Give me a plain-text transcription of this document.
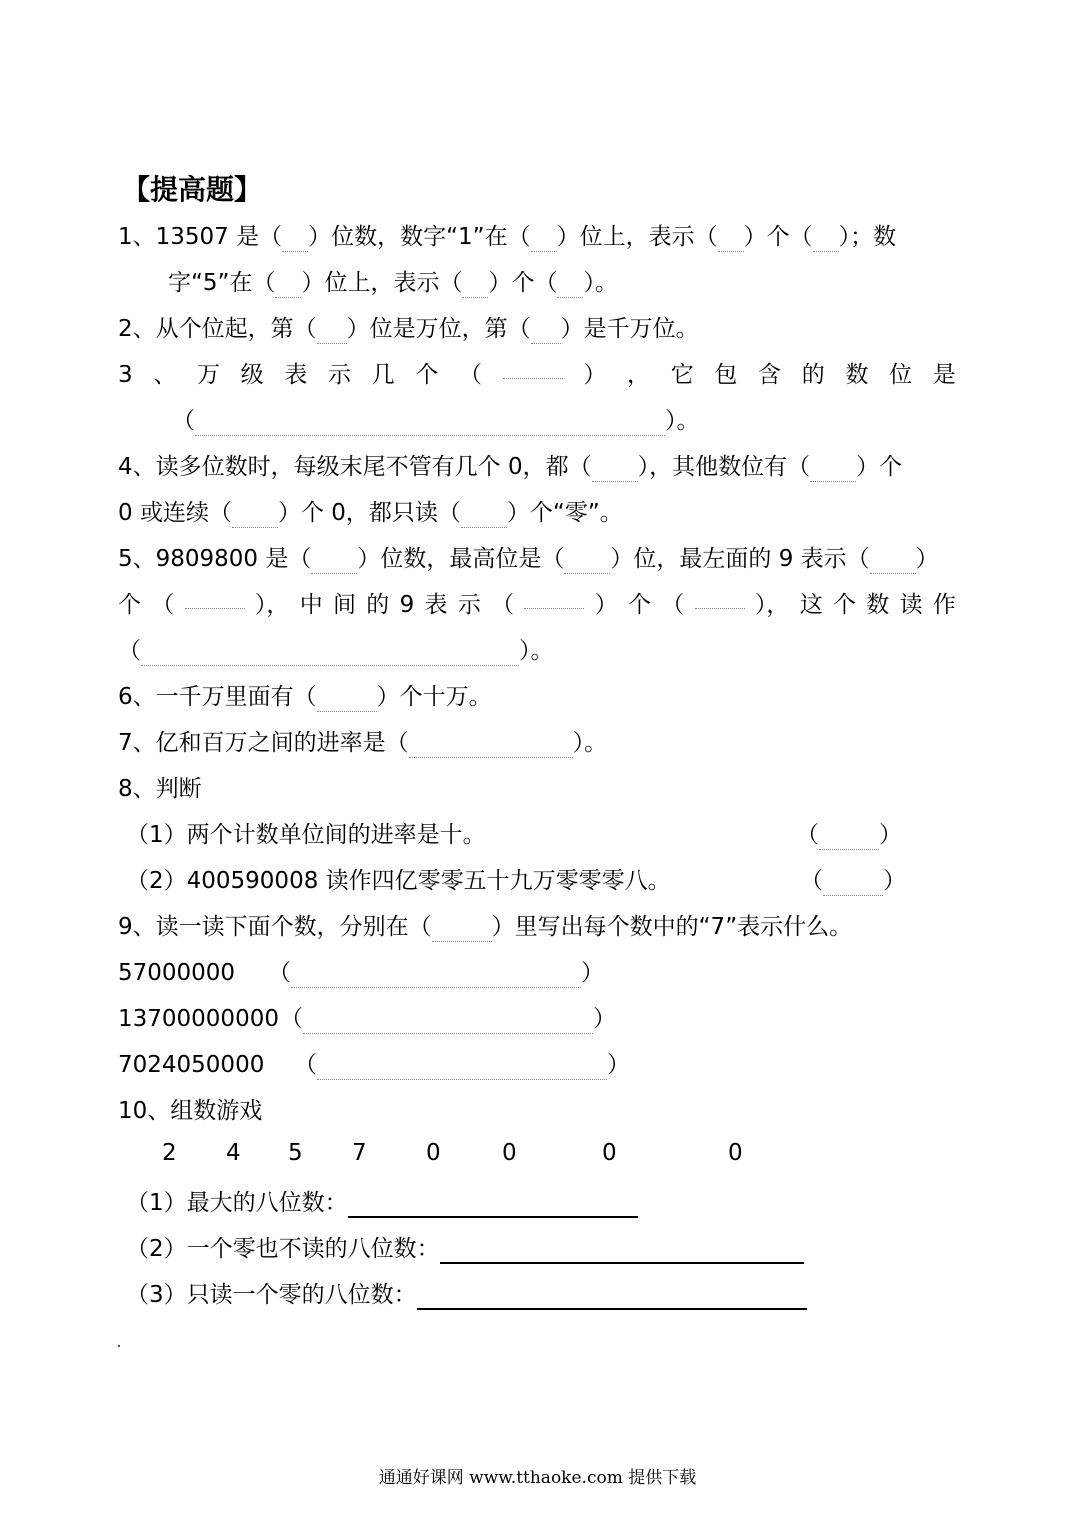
【提高题】
1、13507 是（ ）位数，数字“1”在（ ）位上，表示（ ）个（ ）；数
字“5”在（ ）位上，表示（ ）个（ ）。
2、从个位起，第（ ）位是万位，第（ ）是千万位。
3 、 万 级 表 示 几 个 （	） ， 它 包 含 的 数 位 是
（	）。
4、读多位数时，每级末尾不管有几个 0，都（ ），其他数位有（ ）个
0 或连续（ ）个 0，都只读（ ）个“零”。
5、9809800 是（ ）位数，最高位是（ ）位，最左面的 9 表示（ ）
个 （	）， 中 间 的 9 表 示 （	） 个 （	）， 这 个 数 读 作
（	）。
6、一千万里面有（	）个十万。
7、亿和百万之间的进率是（	）。
8、判断
（1）两个计数单位间的进率是十。	（	）
（2）400590008 读作四亿零零五十九万零零零八。	（	）
9、读一读下面个数，分别在（	）里写出每个数中的“7”表示什么。
57000000 （	）
13700000000 （	）
7024050000 （	）
10、组数游戏
2 4 5 7	0	0	0	0
（1）最大的八位数：
（2）一个零也不读的八位数：
（3）只读一个零的八位数：
通通好课网 www.tthaoke.com 提供下载
